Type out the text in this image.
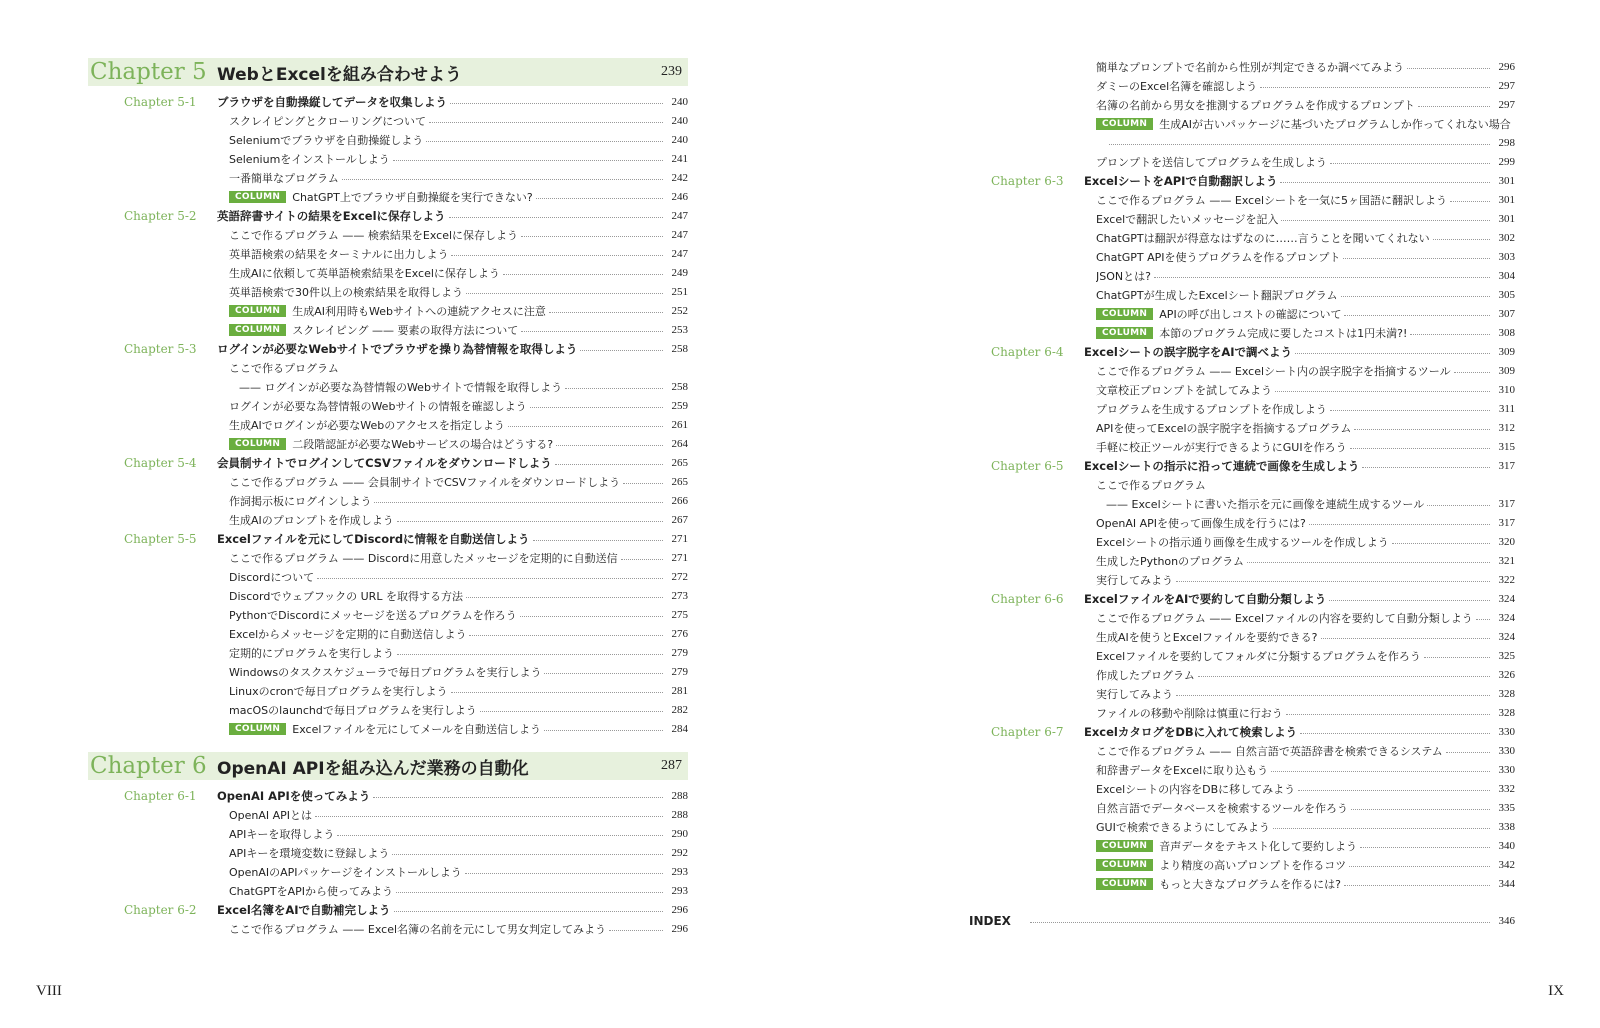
Chapter 5 WebとExcelを組み合わせよう	239
Chapter 5-1	ブラウザを自動操縦してデータを収集しよう	240
スクレイピングとクローリングについて	240
Seleniumでブラウザを自動操縦しよう	240
Seleniumをインストールしよう	241
一番簡単なプログラム	242
COLUMN	ChatGPT上でブラウザ自動操縦を実行できない?	246
Chapter 5-2	英語辞書サイトの結果をExcelに保存しよう	247
ここで作るプログラム —— 検索結果をExcelに保存しよう	247
英単語検索の結果をターミナルに出力しよう	247
生成AIに依頼して英単語検索結果をExcelに保存しよう	249
英単語検索で30件以上の検索結果を取得しよう	251
COLUMN	生成AI利用時もWebサイトへの連続アクセスに注意	252
COLUMN	スクレイピング —— 要素の取得方法について	253
Chapter 5-3	ログインが必要なWebサイトでブラウザを操り為替情報を取得しよう	258
ここで作るプログラム
—— ログインが必要な為替情報のWebサイトで情報を取得しよう	258
ログインが必要な為替情報のWebサイトの情報を確認しよう	259
生成AIでログインが必要なWebのアクセスを指定しよう	261
COLUMN	二段階認証が必要なWebサービスの場合はどうする?	264
Chapter 5-4	会員制サイトでログインしてCSVファイルをダウンロードしよう	265
ここで作るプログラム —— 会員制サイトでCSVファイルをダウンロードしよう	265
作詞掲示板にログインしよう	266
生成AIのプロンプトを作成しよう	267
Chapter 5-5	Excelファイルを元にしてDiscordに情報を自動送信しよう	271
ここで作るプログラム —— Discordに用意したメッセージを定期的に自動送信	271
Discordについて	272
Discordでウェブフックの URL を取得する方法	273
PythonでDiscordにメッセージを送るプログラムを作ろう	275
Excelからメッセージを定期的に自動送信しよう	276
定期的にプログラムを実行しよう	279
Windowsのタスクスケジューラで毎日プログラムを実行しよう	279
Linuxのcronで毎日プログラムを実行しよう	281
macOSのlaunchdで毎日プログラムを実行しよう	282
COLUMN	Excelファイルを元にしてメールを自動送信しよう	284
Chapter 6 OpenAI APIを組み込んだ業務の自動化	287
Chapter 6-1	OpenAI APIを使ってみよう	288
OpenAI APIとは	288
APIキーを取得しよう	290
APIキーを環境変数に登録しよう	292
OpenAIのAPIパッケージをインストールしよう	293
ChatGPTをAPIから使ってみよう	293
Chapter 6-2	Excel名簿をAIで自動補完しよう	296
ここで作るプログラム —— Excel名簿の名前を元にして男女判定してみよう	296
簡単なプロンプトで名前から性別が判定できるか調べてみよう	296
ダミーのExcel名簿を確認しよう	297
名簿の名前から男女を推測するプログラムを作成するプロンプト	297
COLUMN	生成AIが古いパッケージに基づいたプログラムしか作ってくれない場合
298
プロンプトを送信してプログラムを生成しよう	299
Chapter 6-3	ExcelシートをAPIで自動翻訳しよう	301
ここで作るプログラム —— Excelシートを一気に5ヶ国語に翻訳しよう	301
Excelで翻訳したいメッセージを記入	301
ChatGPTは翻訳が得意なはずなのに……言うことを聞いてくれない	302
ChatGPT APIを使うプログラムを作るプロンプト	303
JSONとは?	304
ChatGPTが生成したExcelシート翻訳プログラム	305
COLUMN	APIの呼び出しコストの確認について	307
COLUMN	本節のプログラム完成に要したコストは1円未満?!	308
Chapter 6-4	Excelシートの誤字脱字をAIで調べよう	309
ここで作るプログラム —— Excelシート内の誤字脱字を指摘するツール	309
文章校正プロンプトを試してみよう	310
プログラムを生成するプロンプトを作成しよう	311
APIを使ってExcelの誤字脱字を指摘するプログラム	312
手軽に校正ツールが実行できるようにGUIを作ろう	315
Chapter 6-5	Excelシートの指示に沿って連続で画像を生成しよう	317
ここで作るプログラム
—— Excelシートに書いた指示を元に画像を連続生成するツール	317
OpenAI APIを使って画像生成を行うには?	317
Excelシートの指示通り画像を生成するツールを作成しよう	320
生成したPythonのプログラム	321
実行してみよう	322
Chapter 6-6	ExcelファイルをAIで要約して自動分類しよう	324
ここで作るプログラム —— Excelファイルの内容を要約して自動分類しよう	324
生成AIを使うとExcelファイルを要約できる?	324
Excelファイルを要約してフォルダに分類するプログラムを作ろう	325
作成したプログラム	326
実行してみよう	328
ファイルの移動や削除は慎重に行おう	328
Chapter 6-7	ExcelカタログをDBに入れて検索しよう	330
ここで作るプログラム —— 自然言語で英語辞書を検索できるシステム	330
和辞書データをExcelに取り込もう	330
Excelシートの内容をDBに移してみよう	332
自然言語でデータベースを検索するツールを作ろう	335
GUIで検索できるようにしてみよう	338
COLUMN	音声データをテキスト化して要約しよう	340
COLUMN	より精度の高いプロンプトを作るコツ	342
COLUMN	もっと大きなプログラムを作るには?	344
INDEX	346
VIII	IX
